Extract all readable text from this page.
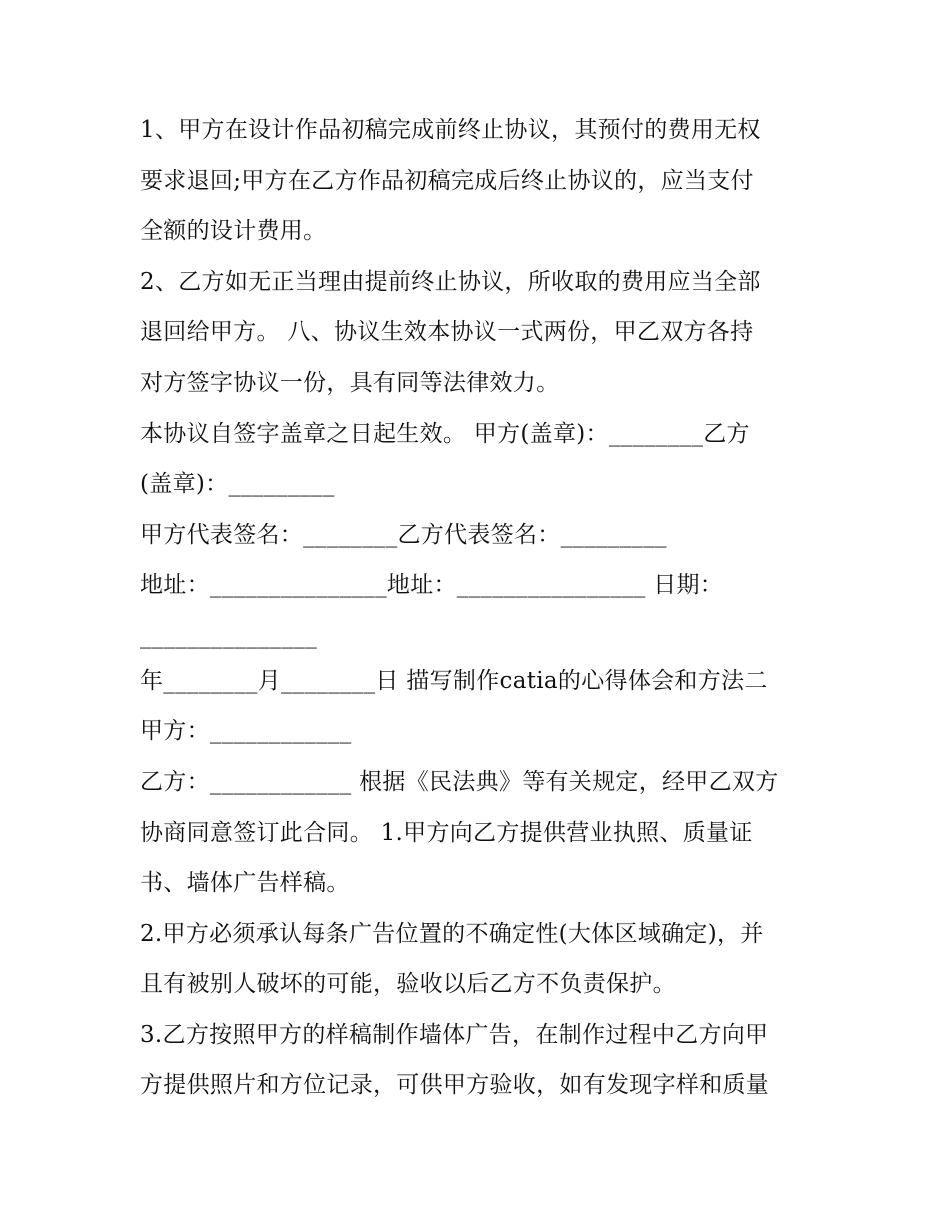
1、甲方在设计作品初稿完成前终止协议，其预付的费用无权
要求退回;甲方在乙方作品初稿完成后终止协议的，应当支付
全额的设计费用。
2、乙方如无正当理由提前终止协议，所收取的费用应当全部
退回给甲方。 八、协议生效本协议一式两份，甲乙双方各持
对方签字协议一份，具有同等法律效力。
本协议自签字盖章之日起生效。 甲方(盖章)：________乙方
(盖章)：_________
甲方代表签名：________乙方代表签名：_________
地址：_______________地址：________________ 日期：
_______________
年________月________日 描写制作catia的心得体会和方法二
甲方：____________
乙方：____________ 根据《民法典》等有关规定，经甲乙双方
协商同意签订此合同。 1.甲方向乙方提供营业执照、质量证
书、墙体广告样稿。
2.甲方必须承认每条广告位置的不确定性(大体区域确定)，并
且有被别人破坏的可能，验收以后乙方不负责保护。
3.乙方按照甲方的样稿制作墙体广告，在制作过程中乙方向甲
方提供照片和方位记录，可供甲方验收，如有发现字样和质量
